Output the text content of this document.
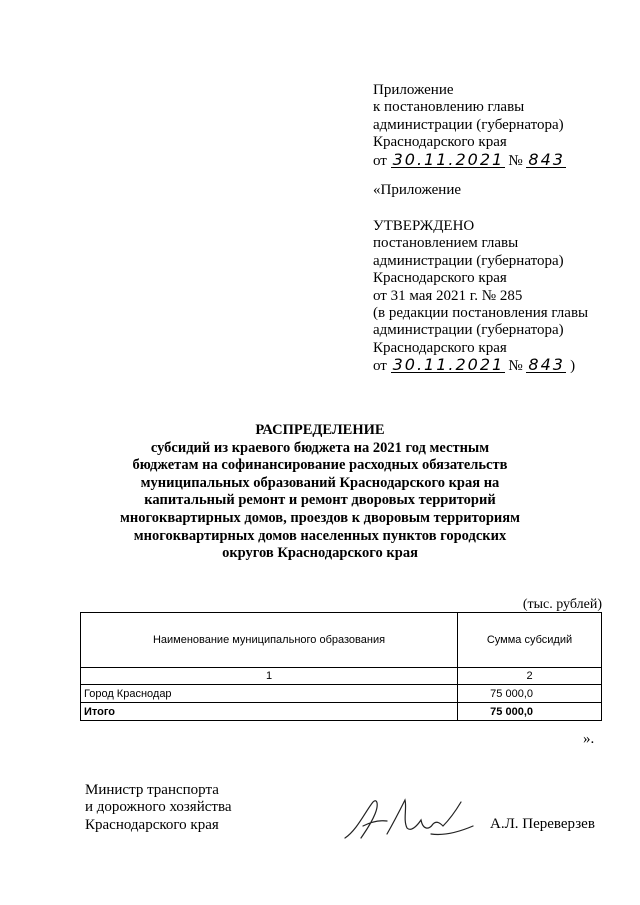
Приложение
к постановлению главы
администрации (губернатора)
Краснодарского края
от 30.11.2021 № 843
«Приложение
УТВЕРЖДЕНО
постановлением главы
администрации (губернатора)
Краснодарского края
от 31 мая 2021 г. № 285
(в редакции постановления главы
администрации (губернатора)
Краснодарского края
от 30.11.2021 № 843 )
РАСПРЕДЕЛЕНИЕ
субсидий из краевого бюджета на 2021 год местным
бюджетам на софинансирование расходных обязательств
муниципальных образований Краснодарского края на
капитальный ремонт и ремонт дворовых территорий
многоквартирных домов, проездов к дворовым территориям
многоквартирных домов населенных пунктов городских
округов Краснодарского края
(тыс. рублей)
Наименование муниципального образования	Сумма субсидий
1	2
Город Краснодар	75 000,0
Итого	75 000,0
».
Министр транспорта
и дорожного хозяйства
Краснодарского края	А.Л. Переверзев
